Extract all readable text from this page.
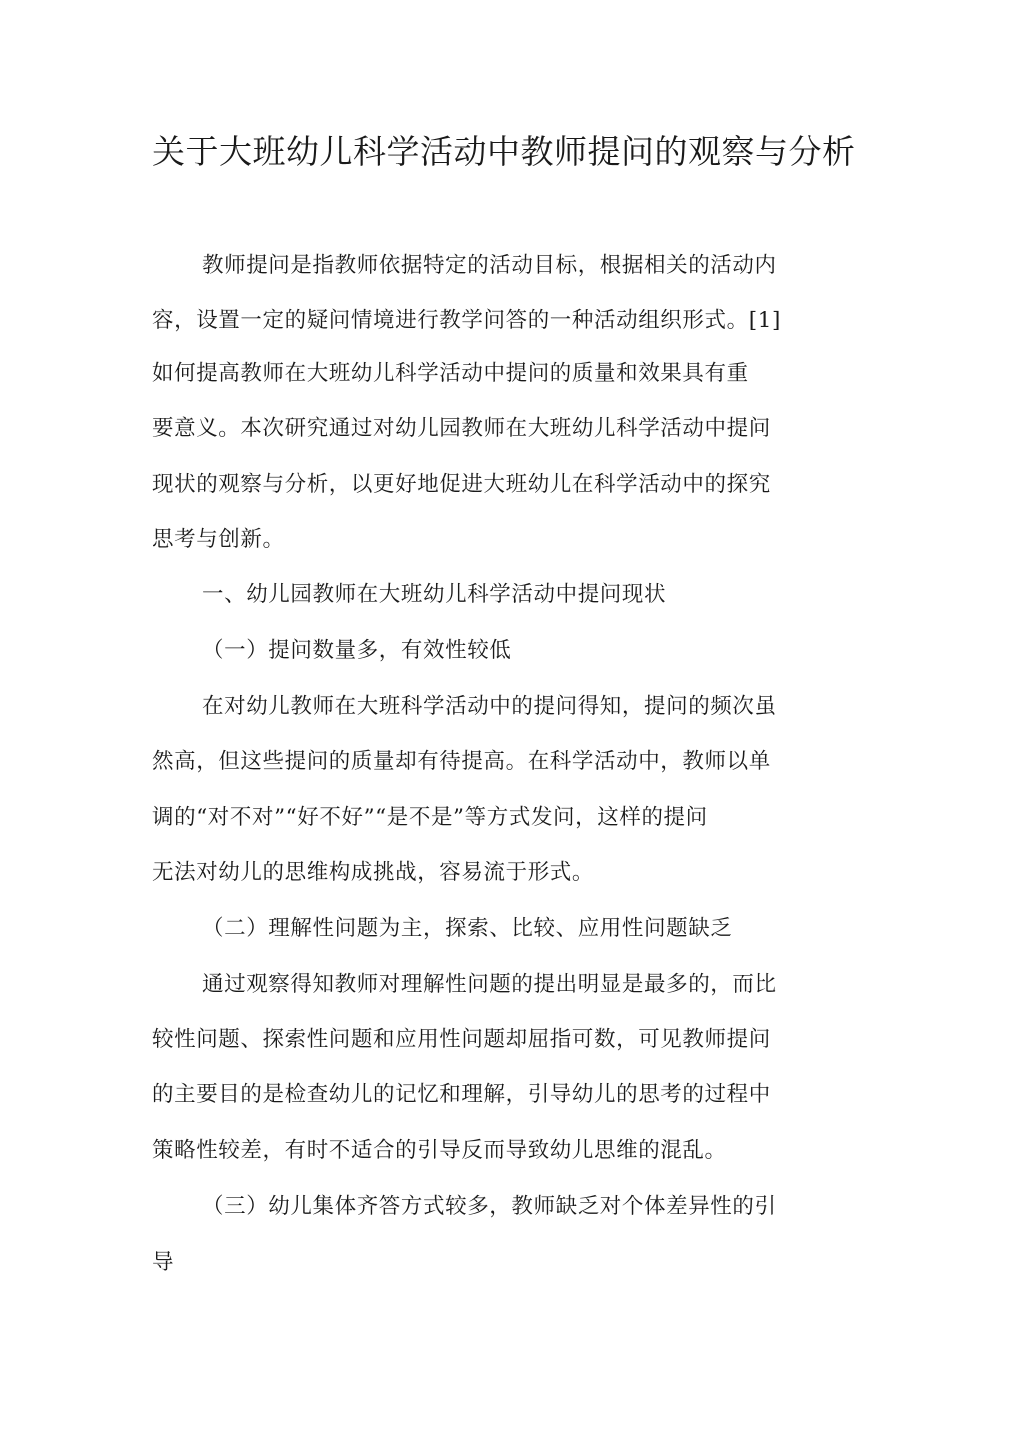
关于大班幼儿科学活动中教师提问的观察与分析
教师提问是指教师依据特定的活动目标，根据相关的活动内
容，设置一定的疑问情境进行教学问答的一种活动组织形式。[1]
如何提高教师在大班幼儿科学活动中提问的质量和效果具有重
要意义。本次研究通过对幼儿园教师在大班幼儿科学活动中提问
现状的观察与分析，以更好地促进大班幼儿在科学活动中的探究
思考与创新。
一、幼儿园教师在大班幼儿科学活动中提问现状
（一）提问数量多，有效性较低
在对幼儿教师在大班科学活动中的提问得知，提问的频次虽
然高，但这些提问的质量却有待提高。在科学活动中，教师以单
调的“对不对”“好不好”“是不是”等方式发问，这样的提问
无法对幼儿的思维构成挑战，容易流于形式。
（二）理解性问题为主，探索、比较、应用性问题缺乏
通过观察得知教师对理解性问题的提出明显是最多的，而比
较性问题、探索性问题和应用性问题却屈指可数，可见教师提问
的主要目的是检查幼儿的记忆和理解，引导幼儿的思考的过程中
策略性较差，有时不适合的引导反而导致幼儿思维的混乱。
（三）幼儿集体齐答方式较多，教师缺乏对个体差异性的引
导
